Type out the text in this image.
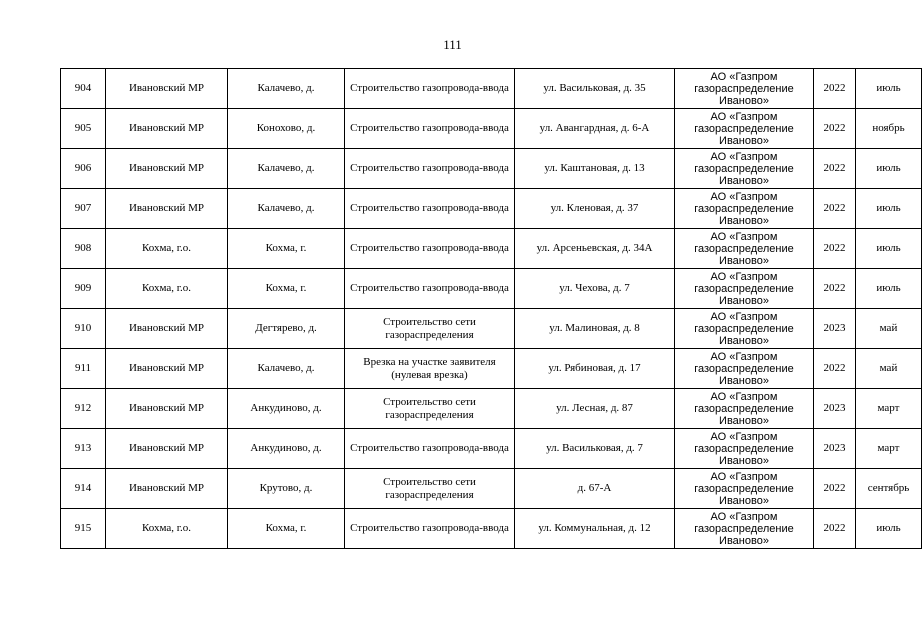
111
904	Ивановский МР	Калачево, д.	Строительство газопровода-ввода	ул. Васильковая, д. 35	АО «Газпром газораспределение Иваново»	2022	июль
905	Ивановский МР	Конохово, д.	Строительство газопровода-ввода	ул. Авангардная, д. 6-А	АО «Газпром газораспределение Иваново»	2022	ноябрь
906	Ивановский МР	Калачево, д.	Строительство газопровода-ввода	ул. Каштановая, д. 13	АО «Газпром газораспределение Иваново»	2022	июль
907	Ивановский МР	Калачево, д.	Строительство газопровода-ввода	ул. Кленовая, д. 37	АО «Газпром газораспределение Иваново»	2022	июль
908	Кохма, г.о.	Кохма, г.	Строительство газопровода-ввода	ул. Арсеньевская, д. 34А	АО «Газпром газораспределение Иваново»	2022	июль
909	Кохма, г.о.	Кохма, г.	Строительство газопровода-ввода	ул. Чехова, д. 7	АО «Газпром газораспределение Иваново»	2022	июль
910	Ивановский МР	Дегтярево, д.	Строительство сети газораспределения	ул. Малиновая, д. 8	АО «Газпром газораспределение Иваново»	2023	май
911	Ивановский МР	Калачево, д.	Врезка на участке заявителя (нулевая врезка)	ул. Рябиновая, д. 17	АО «Газпром газораспределение Иваново»	2022	май
912	Ивановский МР	Анкудиново, д.	Строительство сети газораспределения	ул. Лесная, д. 87	АО «Газпром газораспределение Иваново»	2023	март
913	Ивановский МР	Анкудиново, д.	Строительство газопровода-ввода	ул. Васильковая, д. 7	АО «Газпром газораспределение Иваново»	2023	март
914	Ивановский МР	Крутово, д.	Строительство сети газораспределения	д. 67-А	АО «Газпром газораспределение Иваново»	2022	сентябрь
915	Кохма, г.о.	Кохма, г.	Строительство газопровода-ввода	ул. Коммунальная, д. 12	АО «Газпром газораспределение Иваново»	2022	июль
